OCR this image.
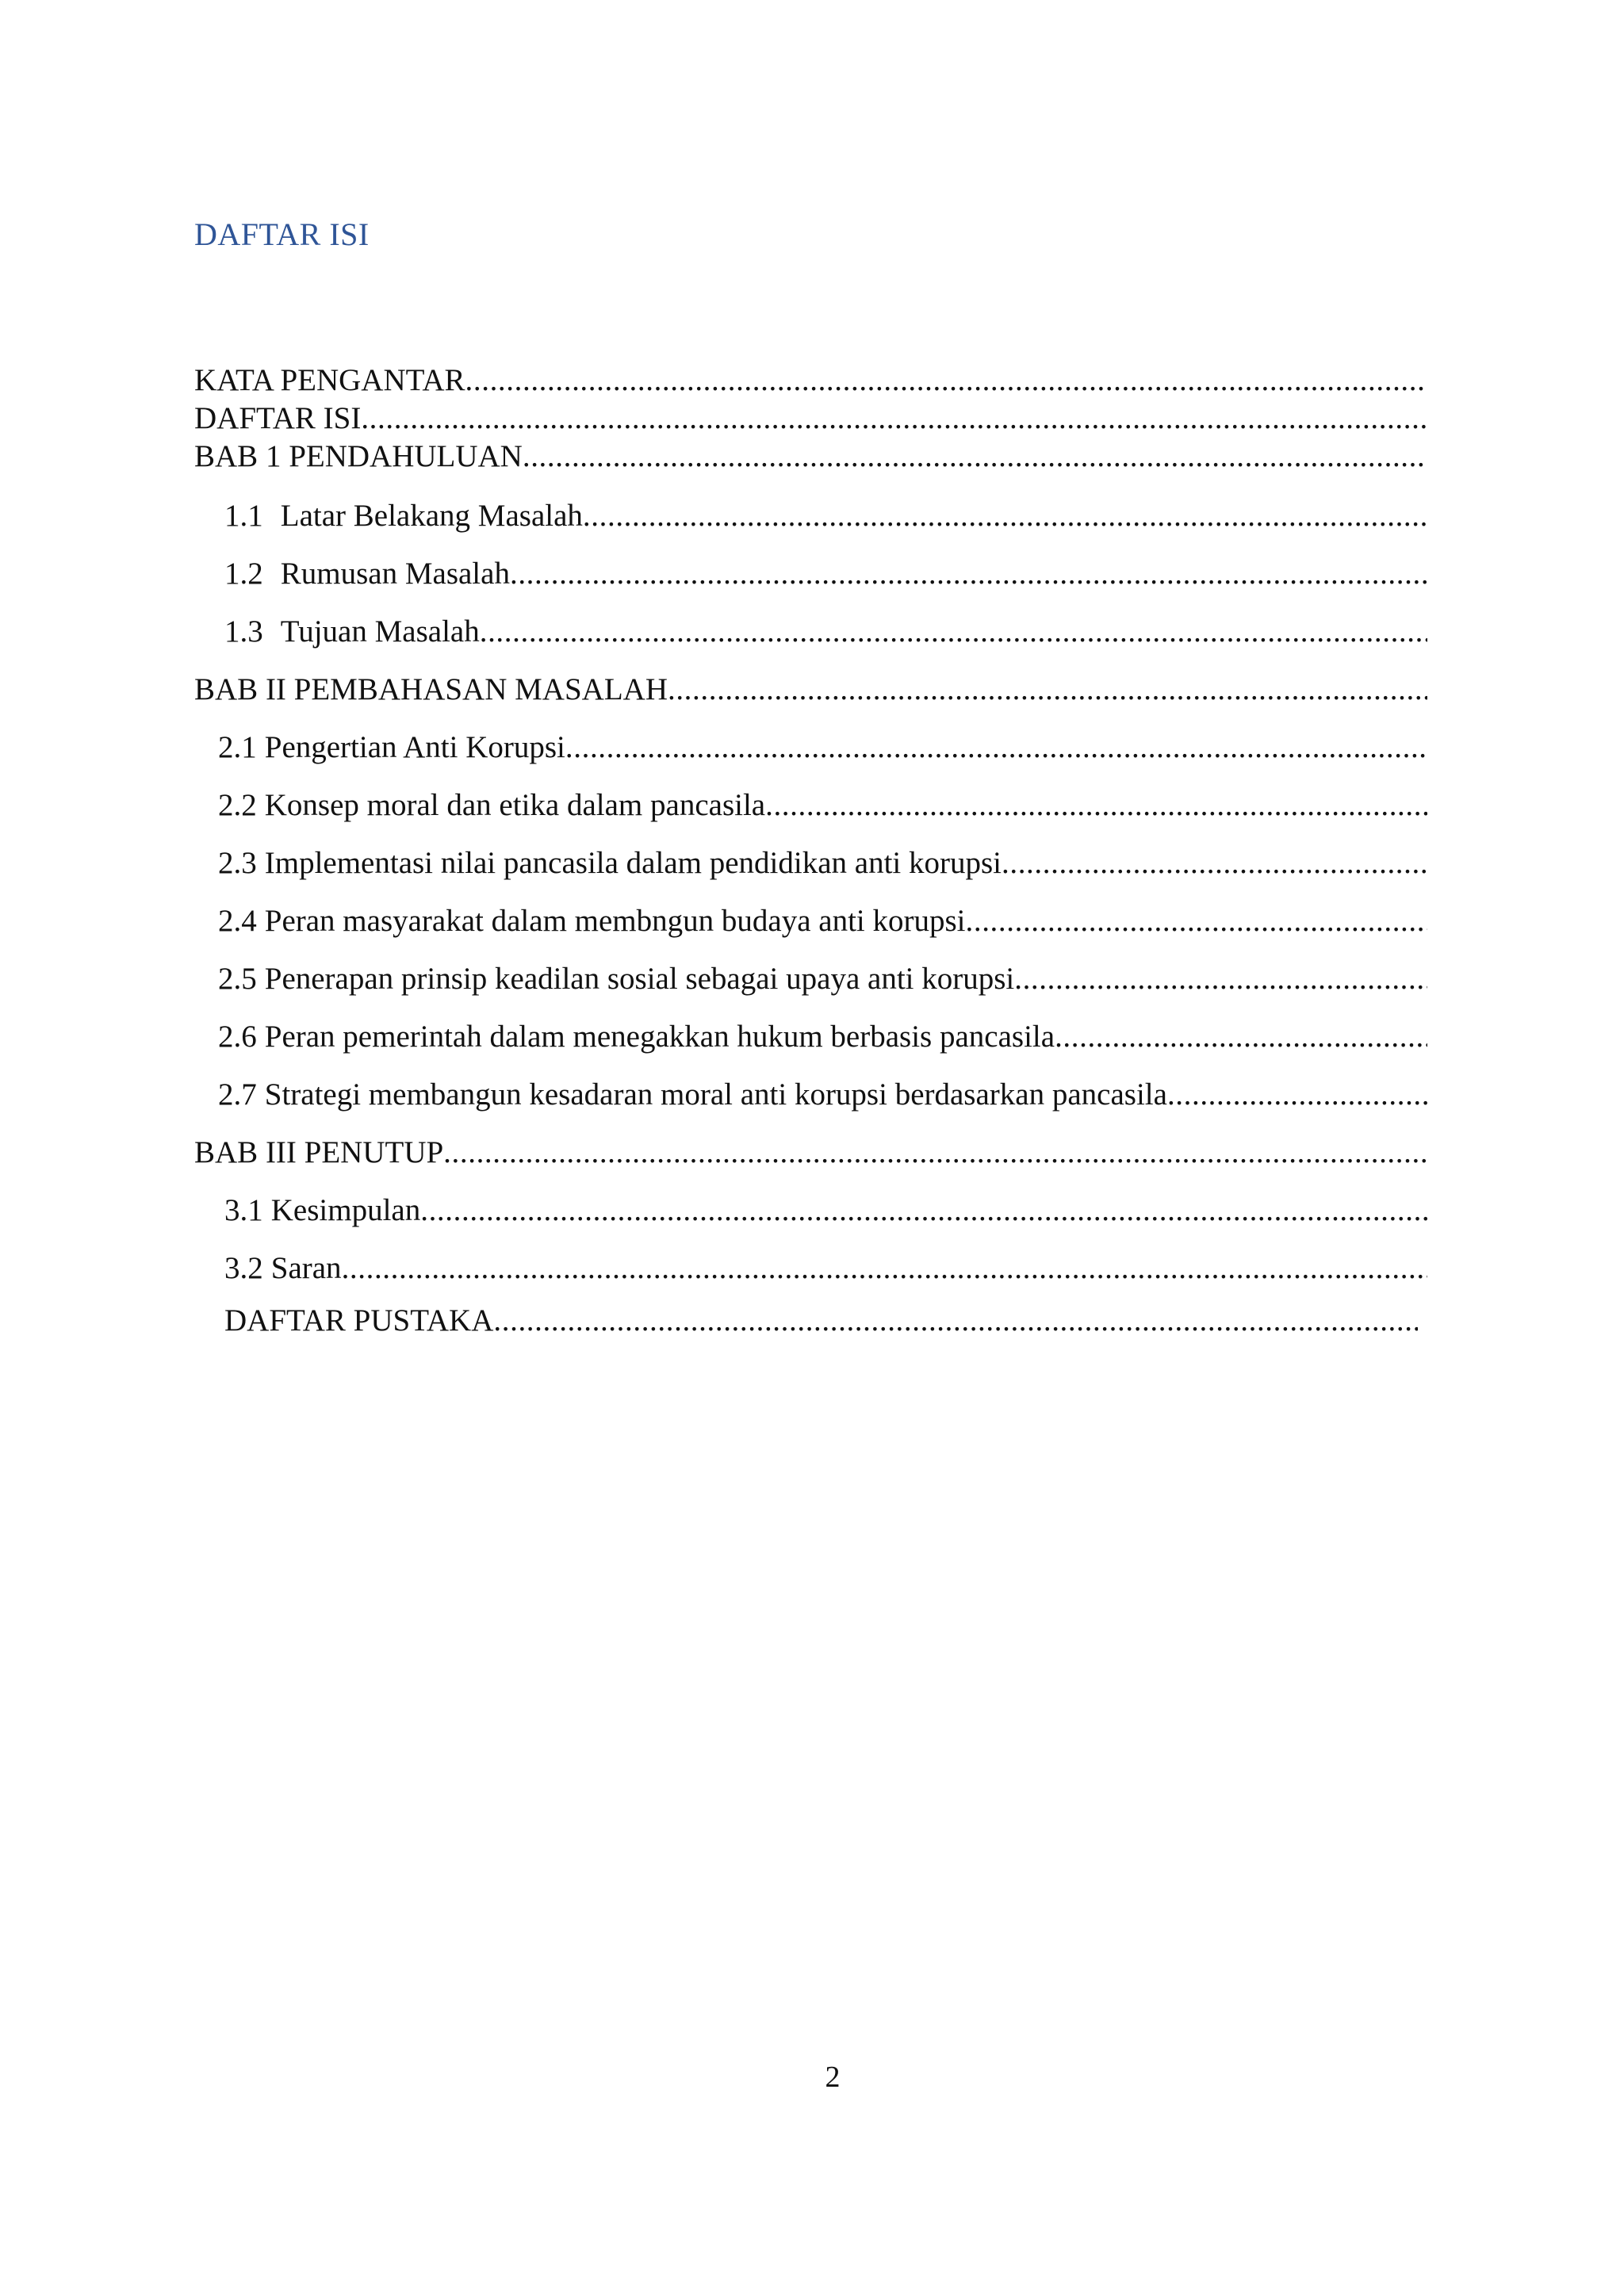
DAFTAR ISI
KATA PENGANTAR
.....
DAFTAR ISI
.....
BAB 1 PENDAHULUAN
.....
1.1 Latar Belakang Masalah
.....
1.2 Rumusan Masalah
.....
1.3 Tujuan Masalah
.....
BAB II PEMBAHASAN MASALAH
.....
2.1 Pengertian Anti Korupsi
.....
2.2 Konsep moral dan etika dalam pancasila
.....
2.3 Implementasi nilai pancasila dalam pendidikan anti korupsi
.....
2.4 Peran masyarakat dalam membngun budaya anti korupsi
.....
2.5 Penerapan prinsip keadilan sosial sebagai upaya anti korupsi
.....
2.6 Peran pemerintah dalam menegakkan hukum berbasis pancasila
.....
2.7 Strategi membangun kesadaran moral anti korupsi berdasarkan pancasila
.....
BAB III PENUTUP
.....
3.1 Kesimpulan
.....
3.2 Saran
.....
DAFTAR PUSTAKA
.....
2
